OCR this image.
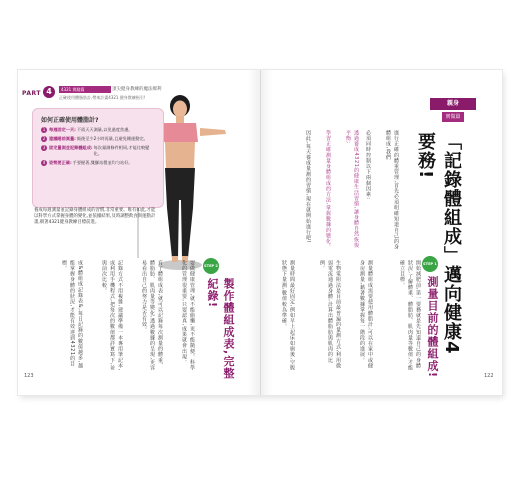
PART 4	4321 實踐篇	頂尖健身教練的魔法爆利
正確使用體脂肪計,帶來計畫4321 健身教練指引!
如何正確使用體脂計?
1 每週固定一天: 不需天天測量,以免過度焦慮。
2 建議睡前測量: 飯後至少2小時再量,且避免剛運動完。
3 固定量測並記錄體組成: 每次量測條件相同,才能比較變化。
4 姿勢要正確: 手要握著,雙腳站穩並均勻站好。
養成每週測量並記錄身體組成的習慣,非常重要。唯有如此,才能以科學方式掌握身體的變化,並依據結果,及時調整飲食與運動計畫,朝著4321健身教練目標前進。
STEP 2
製作體組成表,完整紀錄!
要做健康管理,就不能偷懶,更不能隨便。科學化的管理很重要,只要認真,成果就會出現。
有了體組成表,就可以記錄每次測量的體重、體脂肪、肌肉量等變化,透過數據的呈現,更容易看出自己的努力是否有效。
記錄方式不用複雜,建議準備一本專用筆記本,或利用手機程式,把每次的數值都詳實寫下,並與前次比較。
成&體組成記錄表&,每日記錄的數值越多,越能掌握身體的狀況,才能有效達到4321的目標。
123
親身
實做篇
「記錄體組成」邁向健康4要務!
進行正確的體重管理,首先必須明確知道自己的身體組成,我們
必須同時控制以下兩個因素:
透過養成4321的健康生活習慣,讓身體自然恢復平衡;
學習正確測量身體組成的方法,掌握數據的變化。
因此,每天養成量測的習慣,現在就開始進行吧!
STEP 1
測量目前的體組成!
開始減肥前,第一要務就是先知道自己的身體狀況,了解體重、體脂肪、肌肉量等數值,才能確立目標。
測量體組成需要使用體脂計,可以在家中或健身房測量,藉著數據掌握每一階段的進展。
生物電阻法是目前最普遍的量測方式,利用微弱電流通過身體,計算出體脂肪與肌肉的比例。
測量時間最好固定,例如早上起床如廁後,空腹狀態下量測,數值較為準確。
122
